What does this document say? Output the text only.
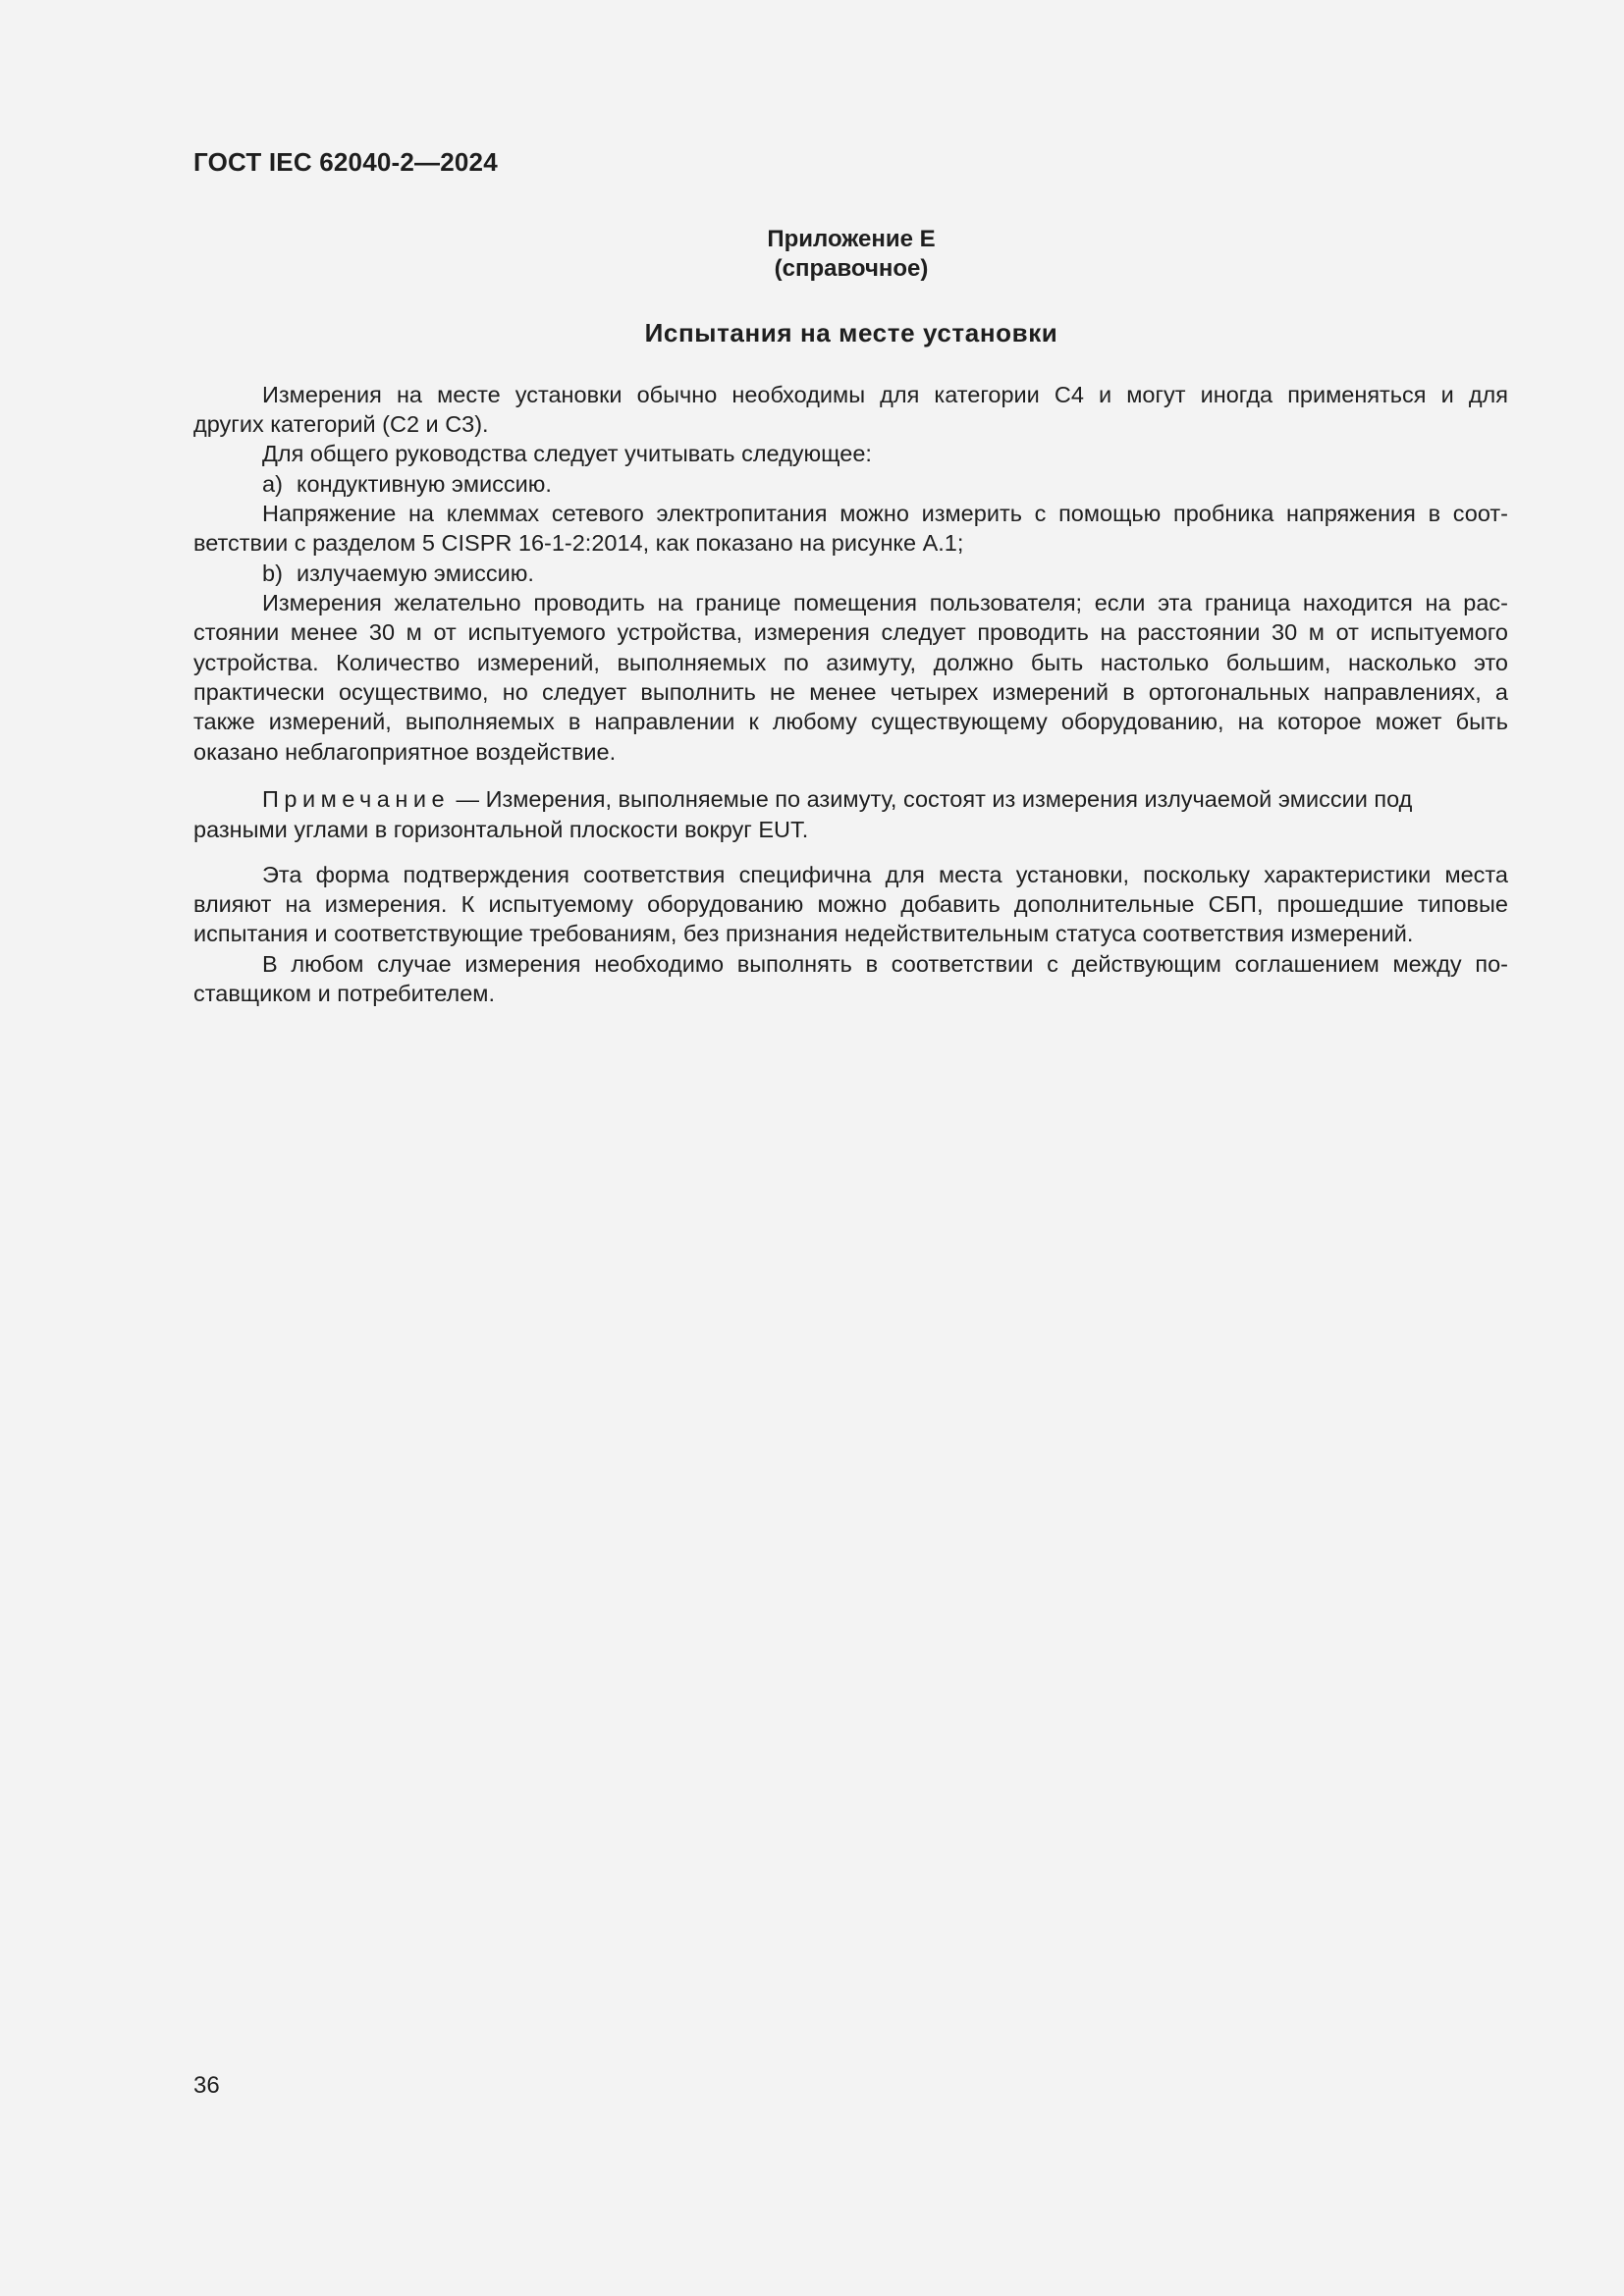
ГОСТ IEC 62040-2—2024
Приложение E
(справочное)
Испытания на месте установки
Измерения на месте установки обычно необходимы для категории С4 и могут иногда применяться и для
других категорий (С2 и С3).
Для общего руководства следует учитывать следующее:
а) кондуктивную эмиссию.
Напряжение на клеммах сетевого электропитания можно измерить с помощью пробника напряжения в соот-
ветствии с разделом 5 CISPR 16-1-2:2014, как показано на рисунке А.1;
b) излучаемую эмиссию.
Измерения желательно проводить на границе помещения пользователя; если эта граница находится на рас-
стоянии менее 30 м от испытуемого устройства, измерения следует проводить на расстоянии 30 м от испытуемого
устройства. Количество измерений, выполняемых по азимуту, должно быть настолько большим, насколько это
практически осуществимо, но следует выполнить не менее четырех измерений в ортогональных направлениях, а
также измерений, выполняемых в направлении к любому существующему оборудованию, на которое может быть
оказано неблагоприятное воздействие.
Примечание — Измерения, выполняемые по азимуту, состоят из измерения излучаемой эмиссии под
разными углами в горизонтальной плоскости вокруг EUT.
Эта форма подтверждения соответствия специфична для места установки, поскольку характеристики места
влияют на измерения. К испытуемому оборудованию можно добавить дополнительные СБП, прошедшие типовые
испытания и соответствующие требованиям, без признания недействительным статуса соответствия измерений.
В любом случае измерения необходимо выполнять в соответствии с действующим соглашением между по-
ставщиком и потребителем.
36
